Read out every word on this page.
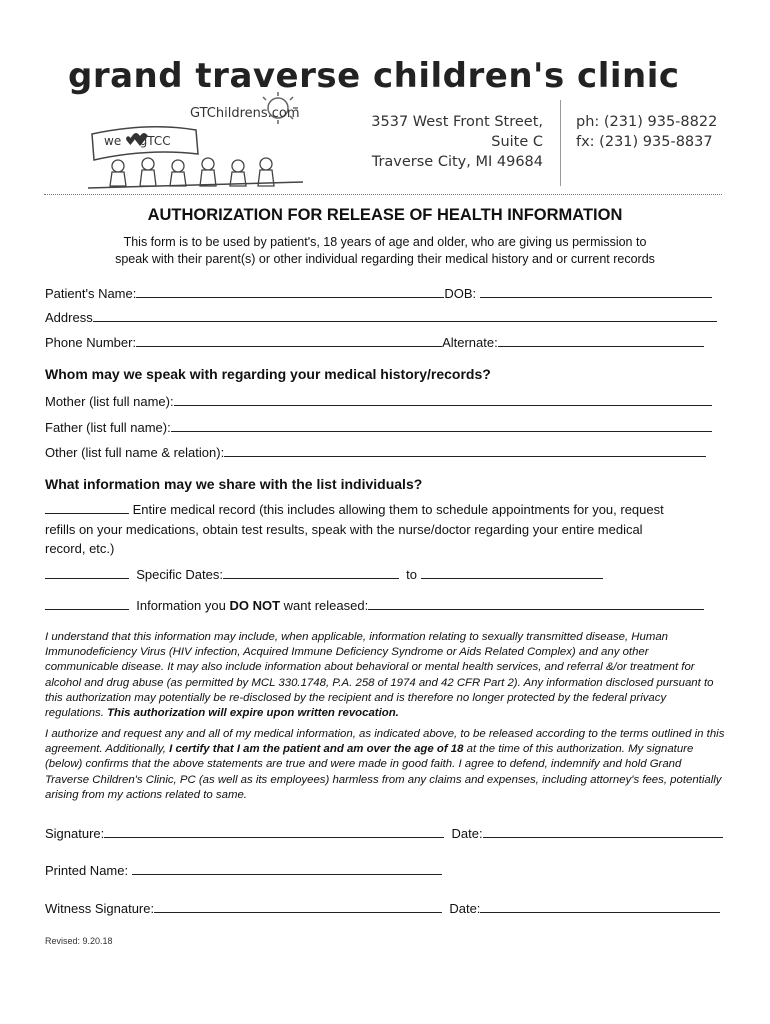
grand traverse children's clinic
GTChildrens.com
we ♥ gTCC
3537 West Front Street, Suite C
Traverse City, MI 49684
ph: (231) 935-8822
fx: (231) 935-8837
AUTHORIZATION FOR RELEASE OF HEALTH INFORMATION
This form is to be used by patient's, 18 years of age and older, who are giving us permission to
speak with their parent(s) or other individual regarding their medical history and or current records
Patient's Name:	DOB:
Address
Phone Number:	Alternate:
Whom may we speak with regarding your medical history/records?
Mother (list full name):
Father (list full name):
Other (list full name & relation):
What information may we share with the list individuals?
Entire medical record (this includes allowing them to schedule appointments for you, request
refills on your medications, obtain test results, speak with the nurse/doctor regarding your entire medical
record, etc.)
Specific Dates:	to
Information you DO NOT want released:
I understand that this information may include, when applicable, information relating to sexually transmitted disease, Human Immunodeficiency Virus (HIV infection, Acquired Immune Deficiency Syndrome or Aids Related Complex) and any other communicable disease. It may also include information about behavioral or mental health services, and referral &/or treatment for alcohol and drug abuse (as permitted by MCL 330.1748, P.A. 258 of 1974 and 42 CFR Part 2). Any information disclosed pursuant to this authorization may potentially be re-disclosed by the recipient and is therefore no longer protected by the federal privacy regulations. This authorization will expire upon written revocation.
I authorize and request any and all of my medical information, as indicated above, to be released according to the terms outlined in this agreement. Additionally, I certify that I am the patient and am over the age of 18 at the time of this authorization. My signature (below) confirms that the above statements are true and were made in good faith. I agree to defend, indemnify and hold Grand Traverse Children's Clinic, PC (as well as its employees) harmless from any claims and expenses, including attorney's fees, potentially arising from my actions related to same.
Signature:	Date:
Printed Name:
Witness Signature:	Date:
Revised: 9.20.18
